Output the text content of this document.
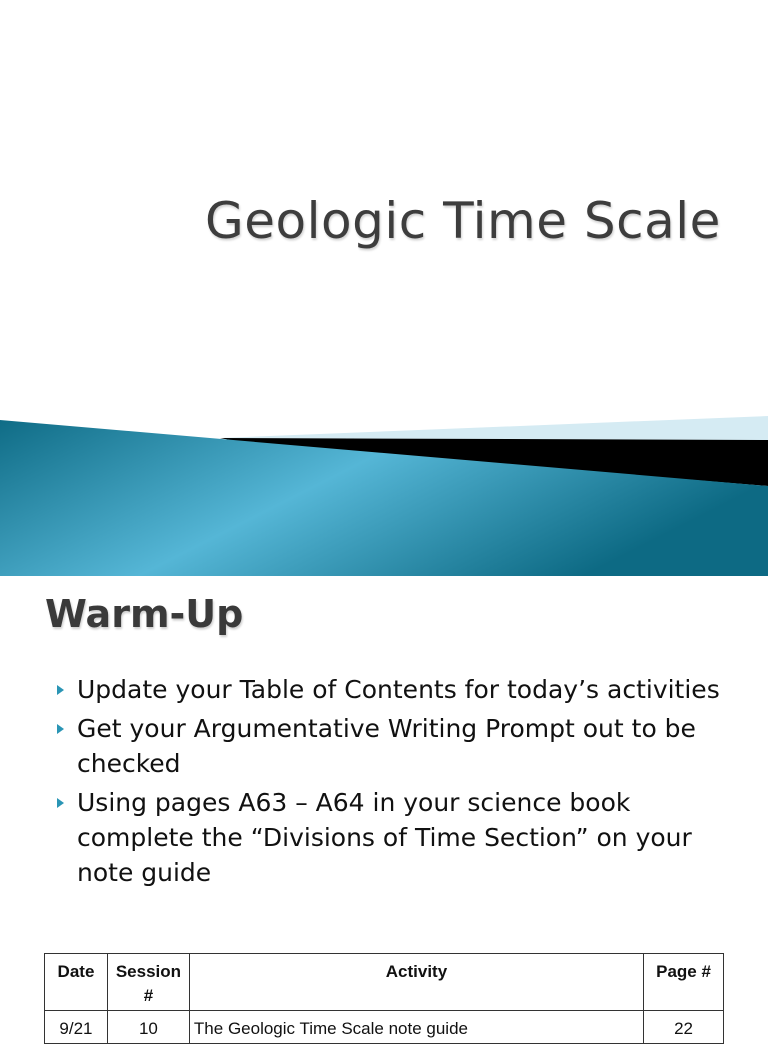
Geologic Time Scale
Warm-Up
Update your Table of Contents for today’s activities
Get your Argumentative Writing Prompt out to be checked
Using pages A63 – A64 in your science book complete the “Divisions of Time Section” on your note guide
Date	Session #	Activity	Page #
9/21	10	The Geologic Time Scale note guide	22
